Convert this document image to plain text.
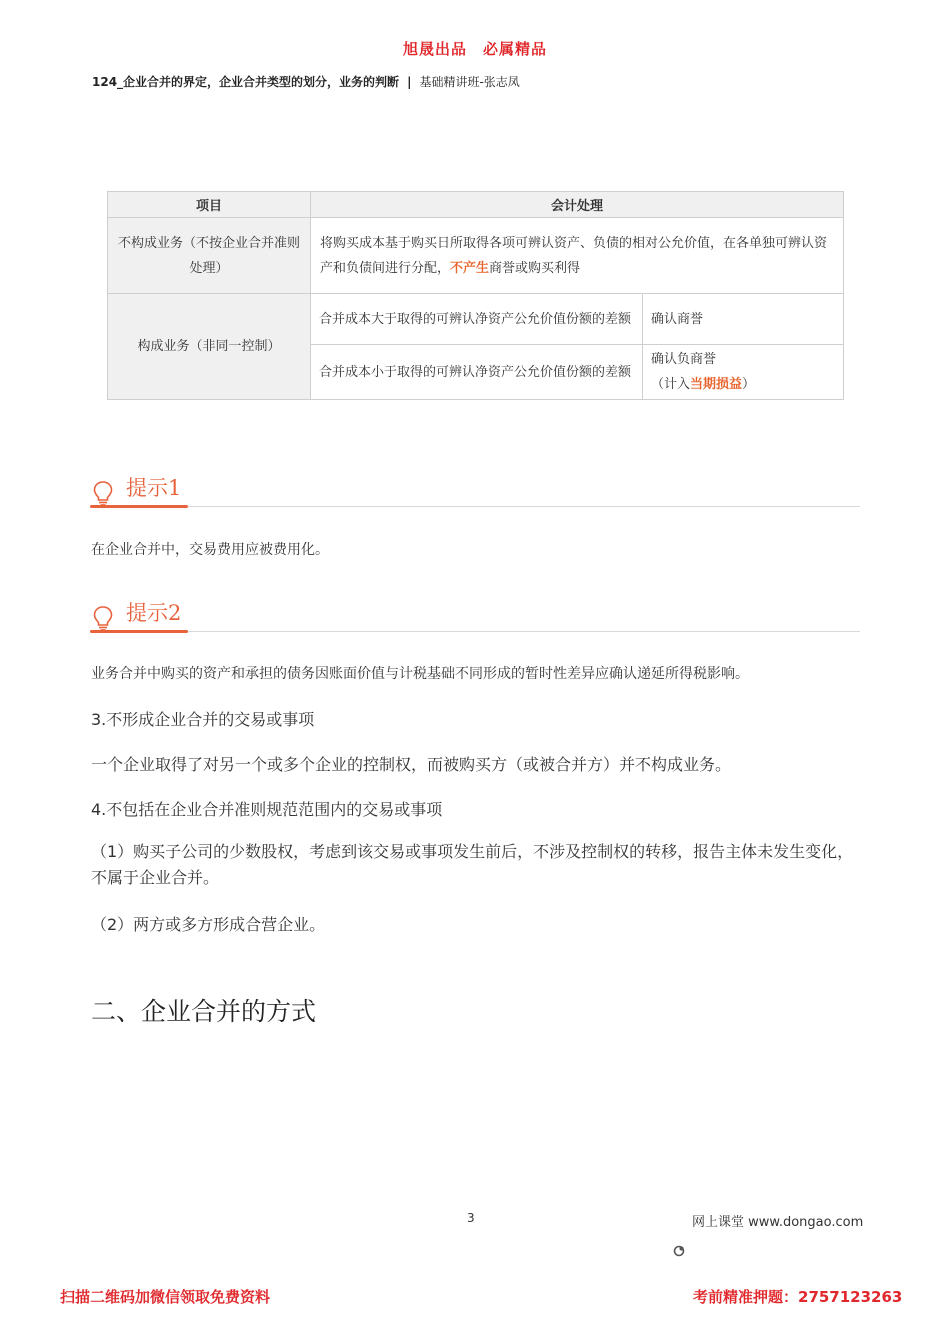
旭晟出品　必属精品
124_企业合并的界定，企业合并类型的划分，业务的判断 | 基础精讲班-张志凤
项目	会计处理	
不构成业务（不按企业合并准则处理）	将购买成本基于购买日所取得各项可辨认资产、负债的相对公允价值，在各单独可辨认资产和负债间进行分配，不产生商誉或购买利得	
构成业务（非同一控制）	合并成本大于取得的可辨认净资产公允价值份额的差额	确认商誉
	合并成本小于取得的可辨认净资产公允价值份额的差额	确认负商誉
（计入当期损益）
提示1
在企业合并中，交易费用应被费用化。
提示2
业务合并中购买的资产和承担的债务因账面价值与计税基础不同形成的暂时性差异应确认递延所得税影响。
3.不形成企业合并的交易或事项
一个企业取得了对另一个或多个企业的控制权，而被购买方（或被合并方）并不构成业务。
4.不包括在企业合并准则规范范围内的交易或事项
（1）购买子公司的少数股权，考虑到该交易或事项发生前后，不涉及控制权的转移，报告主体未发生变化，不属于企业合并。
（2）两方或多方形成合营企业。
二、企业合并的方式
3	网上课堂 www.dongao.com
扫描二维码加微信领取免费资料	考前精准押题：2757123263
